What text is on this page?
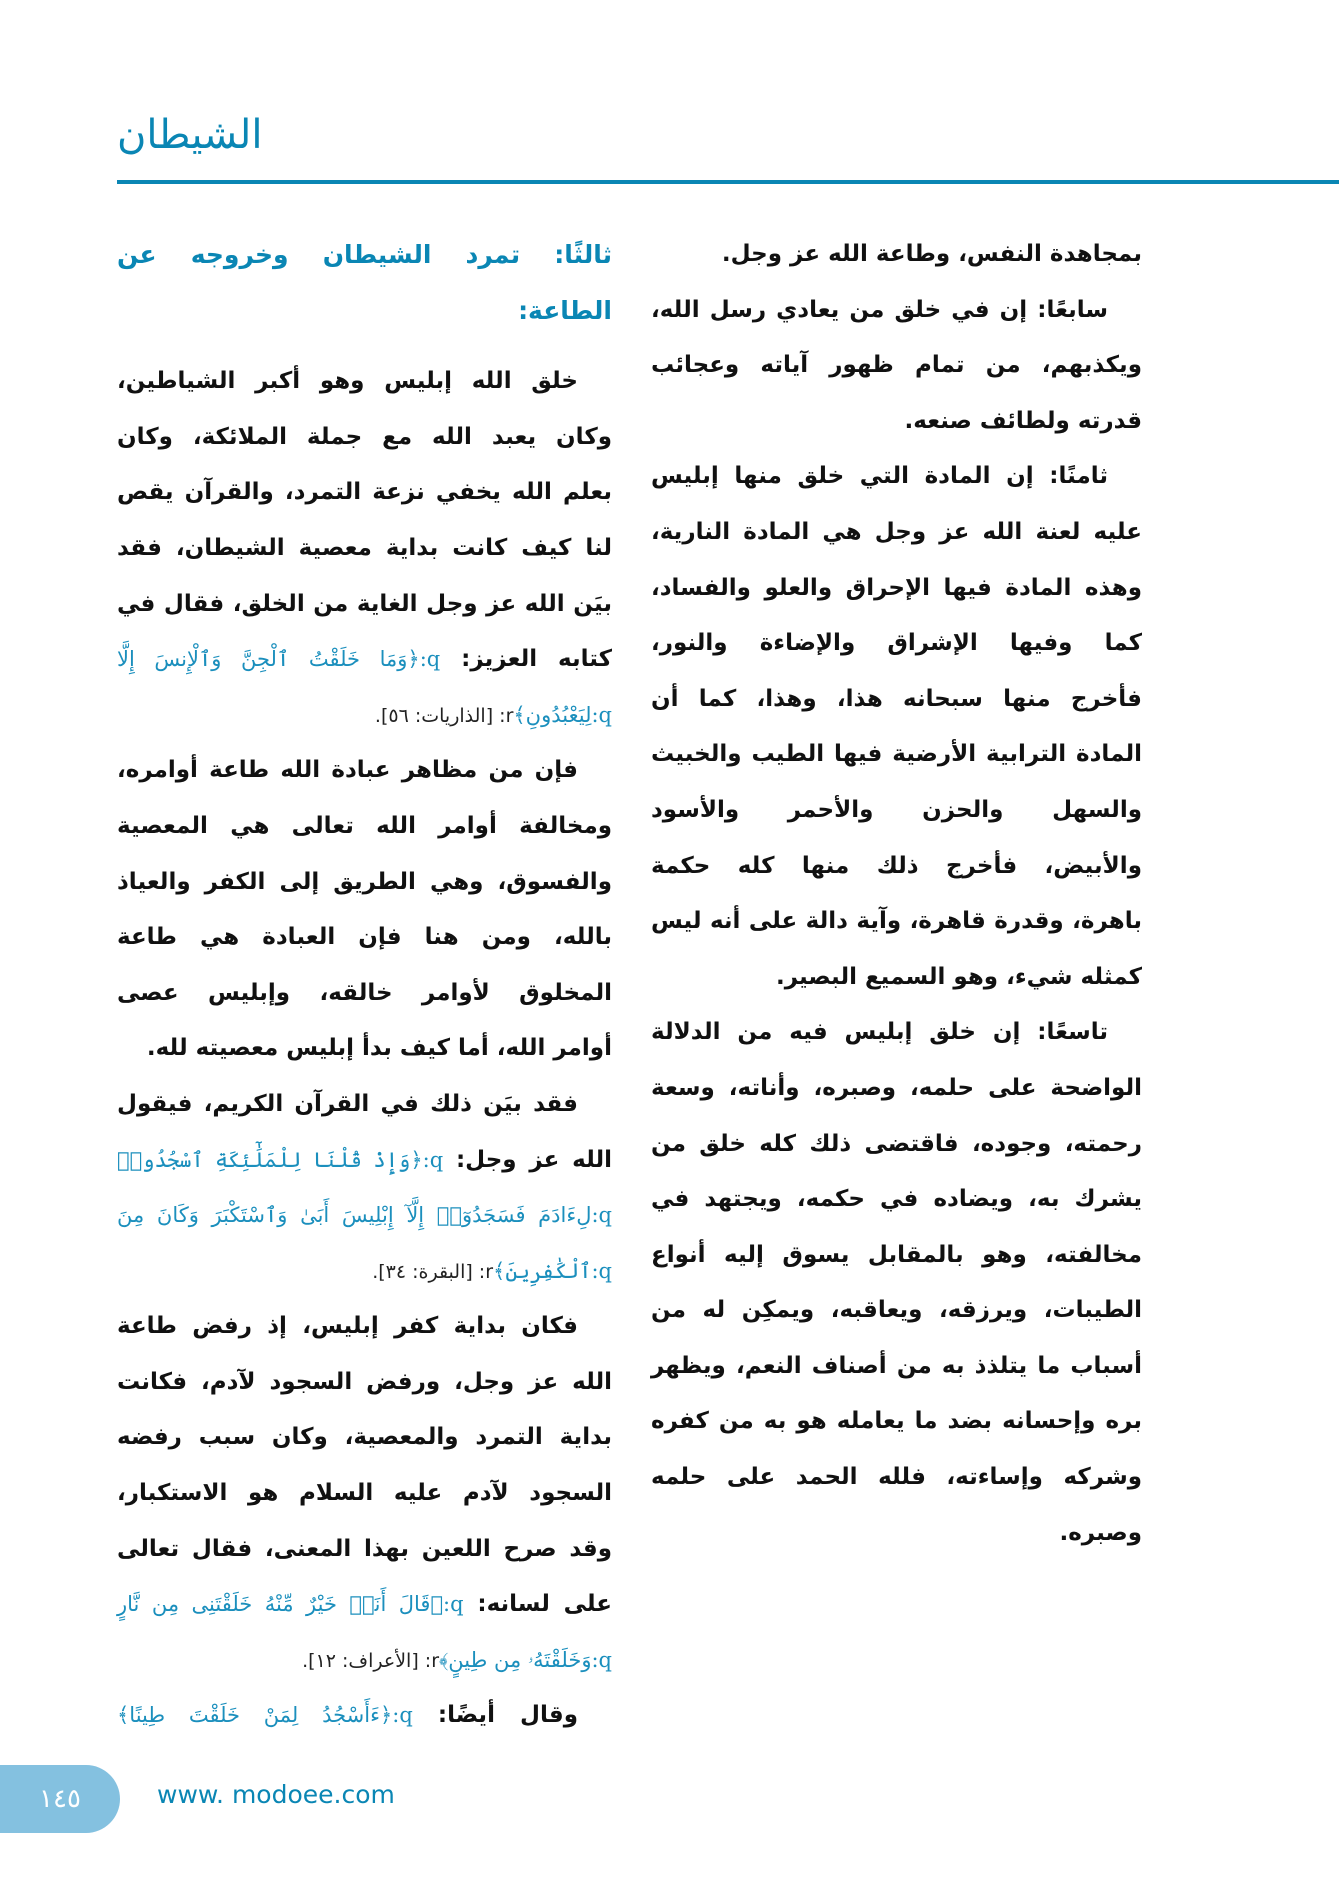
الشيطان
بمجاهدة النفس، وطاعة الله عز وجل.
سابعًا: إن في خلق من يعادي رسل الله،
ويكذبهم، من تمام ظهور آياته وعجائب
قدرته ولطائف صنعه.
ثامنًا: إن المادة التي خلق منها إبليس
عليه لعنة الله عز وجل هي المادة النارية،
وهذه المادة فيها الإحراق والعلو والفساد،
كما وفيها الإشراق والإضاءة والنور،
فأخرج منها سبحانه هذا، وهذا، كما أن
المادة الترابية الأرضية فيها الطيب والخبيث
والسهل والحزن والأحمر والأسود
والأبيض، فأخرج ذلك منها كله حكمة
باهرة، وقدرة قاهرة، وآية دالة على أنه ليس
كمثله شيء، وهو السميع البصير.
تاسعًا: إن خلق إبليس فيه من الدلالة
الواضحة على حلمه، وصبره، وأناته، وسعة
رحمته، وجوده، فاقتضى ذلك كله خلق من
يشرك به، ويضاده في حكمه، ويجتهد في
مخالفته، وهو بالمقابل يسوق إليه أنواع
الطيبات، ويرزقه، ويعاقبه، ويمكِن له من
أسباب ما يتلذذ به من أصناف النعم، ويظهر
بره وإحسانه بضد ما يعامله هو به من كفره
وشركه وإساءته، فلله الحمد على حلمه
وصبره.
ثالثًا: تمرد الشيطان وخروجه عن
الطاعة:
خلق الله إبليس وهو أكبر الشياطين،
وكان يعبد الله مع جملة الملائكة، وكان
بعلم الله يخفي نزعة التمرد، والقرآن يقص
لنا كيف كانت بداية معصية الشيطان، فقد
بيَن الله عز وجل الغاية من الخلق، فقال في
كتابه العزيز: q:﴿وَمَا خَلَقْتُ ٱلْجِنَّ وَٱلْإِنسَ إِلَّا
q:لِيَعْبُدُونِ﴾r: [الذاريات: ٥٦].
فإن من مظاهر عبادة الله طاعة أوامره،
ومخالفة أوامر الله تعالى هي المعصية
والفسوق، وهي الطريق إلى الكفر والعياذ
بالله، ومن هنا فإن العبادة هي طاعة
المخلوق لأوامر خالقه، وإبليس عصى
أوامر الله، أما كيف بدأ إبليس معصيته لله.
فقد بيَن ذلك في القرآن الكريم، فيقول
الله عز وجل: q:﴿وَإِذْ قُلْنَا لِلْمَلَٰٓئِكَةِ ٱسْجُدُوا۟
q:لِءَادَمَ فَسَجَدُوٓا۟ إِلَّآ إِبْلِيسَ أَبَىٰ وَٱسْتَكْبَرَ وَكَانَ مِنَ
q:ٱلْكَٰفِرِينَ﴾r: [البقرة: ٣٤].
فكان بداية كفر إبليس، إذ رفض طاعة
الله عز وجل، ورفض السجود لآدم، فكانت
بداية التمرد والمعصية، وكان سبب رفضه
السجود لآدم عليه السلام هو الاستكبار،
وقد صرح اللعين بهذا المعنى، فقال تعالى
على لسانه: q:﴿قَالَ أَنَا۠ خَيْرٌ مِّنْهُ خَلَقْتَنِى مِن نَّارٍ
q:وَخَلَقْتَهُۥ مِن طِينٍ﴾r: [الأعراف: ١٢].
وقال أيضًا: q:﴿ءَأَسْجُدُ لِمَنْ خَلَقْتَ طِينًا﴾
١٤٥	www. modoee.com
